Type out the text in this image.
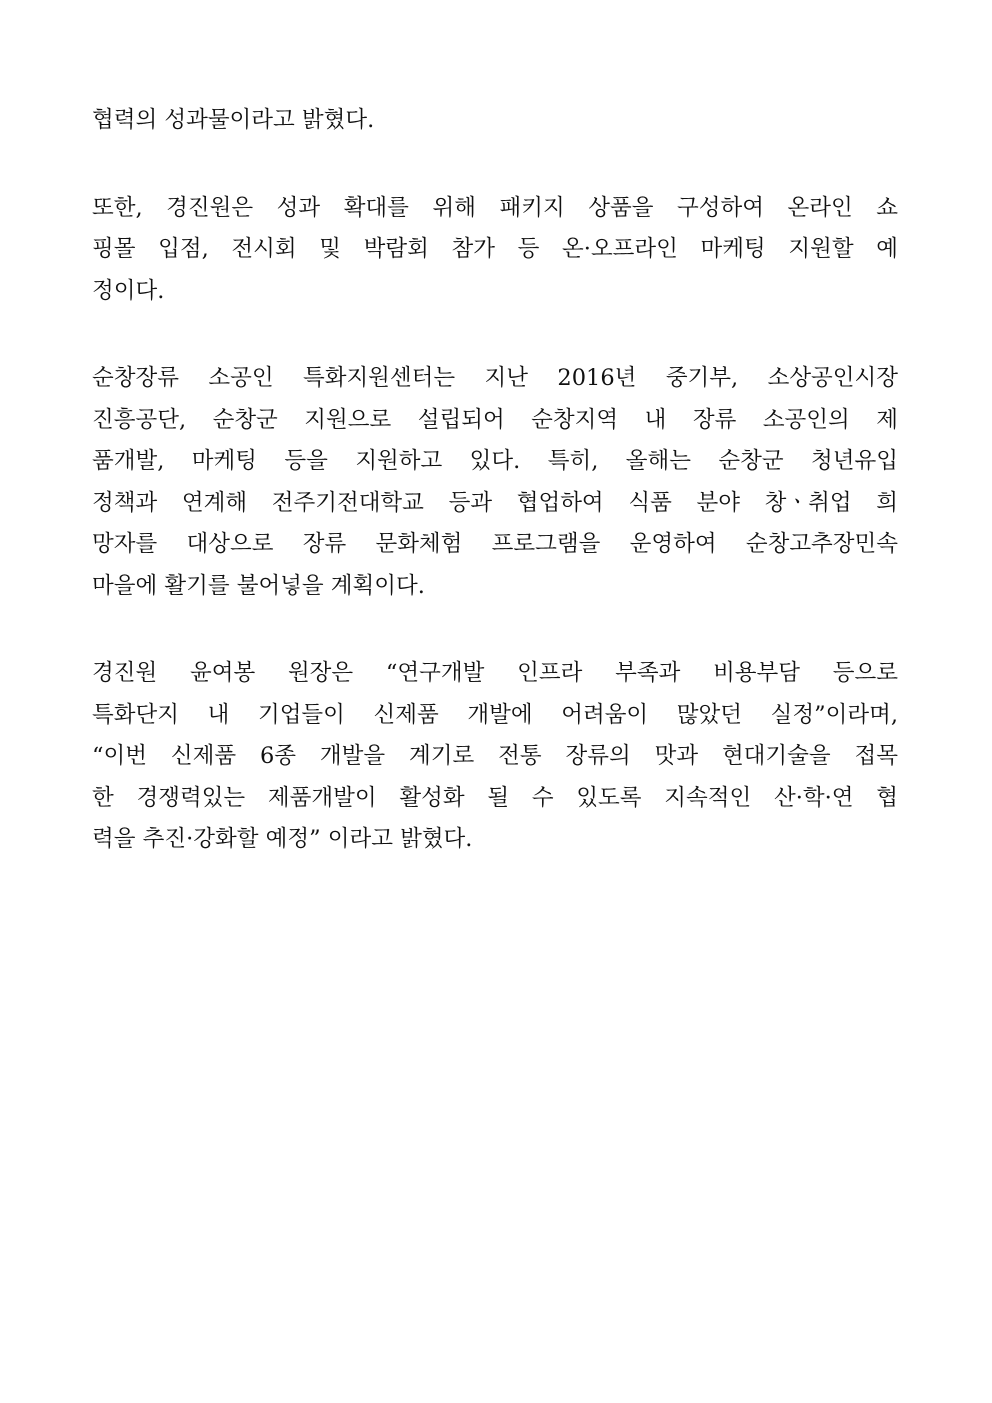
협력의 성과물이라고 밝혔다.

또한, 경진원은 성과 확대를 위해 패키지 상품을 구성하여 온라인 쇼
핑몰 입점, 전시회 및 박람회 참가 등 온·오프라인 마케팅 지원할 예
정이다.

순창장류 소공인 특화지원센터는 지난 2016년 중기부, 소상공인시장
진흥공단, 순창군 지원으로 설립되어 순창지역 내 장류 소공인의 제
품개발, 마케팅 등을 지원하고 있다. 특히, 올해는 순창군 청년유입
정책과 연계해 전주기전대학교 등과 협업하여 식품 분야 창ㆍ취업 희
망자를 대상으로 장류 문화체험 프로그램을 운영하여 순창고추장민속
마을에 활기를 불어넣을 계획이다.

경진원 윤여봉 원장은 “연구개발 인프라 부족과 비용부담 등으로
특화단지 내 기업들이 신제품 개발에 어려움이 많았던 실정”이라며,
“이번 신제품 6종 개발을 계기로 전통 장류의 맛과 현대기술을 접목
한 경쟁력있는 제품개발이 활성화 될 수 있도록 지속적인 산·학·연 협
력을 추진·강화할 예정” 이라고 밝혔다.
